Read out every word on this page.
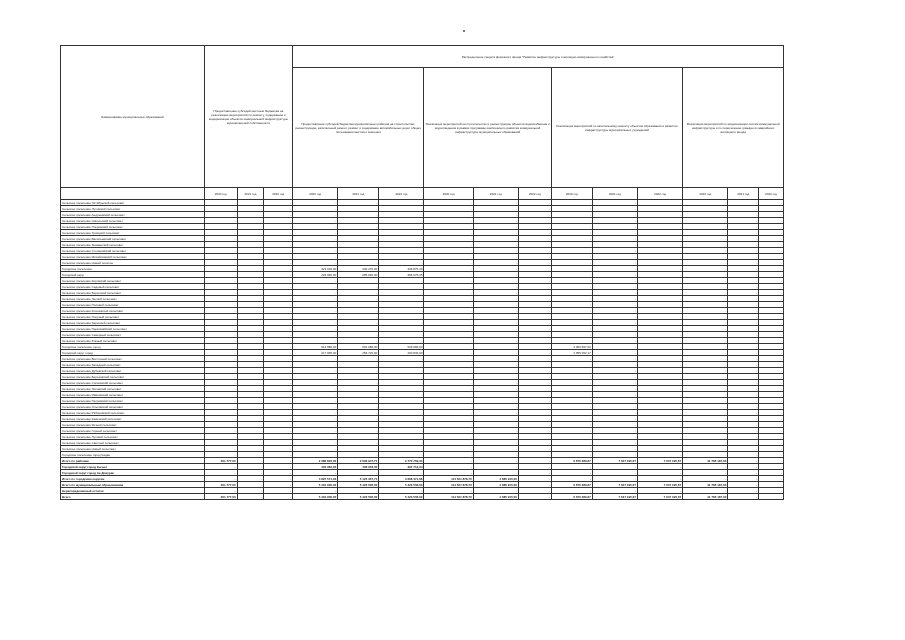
Наименование муниципальных образований	Предоставление субсидий местным бюджетам на реализацию мероприятий по ремонту, содержанию и модернизации объектов коммунальной инфраструктуры муниципальной собственности			Распределение средств Дорожного фонда "Развитие инфраструктуры и жилищно-коммунального хозяйства"											
				Предоставление субсидий бюджетам муниципальных районов на строительство, реконструкцию, капитальный ремонт, ремонт и содержание автомобильных дорог общего пользования местного значения			Реализация мероприятий на строительство и реконструкцию объектов водоснабжения и водоотведения в рамках программы комплексного развития коммунальной инфраструктуры муниципальных образований			Реализация мероприятий по капитальному ремонту объектов образования и развития инфраструктуры муниципальных учреждений			Реализация мероприятий по модернизации систем коммунальной инфраструктуры и по переселению граждан из аварийного жилищного фонда		
	2020 год	2021 год	2022 год	2020 год	2021 год	2022 год	2020 год	2021 год	2022 год	2020 год	2021 год	2022 год	2020 год	2021 год	2022 год
Сельское поселение Октябрьский сельсовет	-	-	-	-	-	-	-	-	-	-	-	-	-	-	-
Сельское поселение Луговской сельсовет	-	-	-	-	-	-	-	-	-	-	-	-	-	-	-
Сельское поселение Андреевский сельсовет	-	-	-	-	-	-	-	-	-	-	-	-	-	-	-
Сельское поселение Никольский сельсовет	-	-	-	-	-	-	-	-	-	-	-	-	-	-	-
Сельское поселение Покровский сельсовет	-	-	-	-	-	-	-	-	-	-	-	-	-	-	-
Сельское поселение Троицкий сельсовет	-	-	-	-	-	-	-	-	-	-	-	-	-	-	-
Сельское поселение Васильевский сельсовет	-	-	-	-	-	-	-	-	-	-	-	-	-	-	-
Сельское поселение Знаменский сельсовет	-	-	-	-	-	-	-	-	-	-	-	-	-	-	-
Сельское поселение Степановский сельсовет	-	-	-	-	-	-	-	-	-	-	-	-	-	-	-
Сельское поселение Михайловский сельсовет	-	-	-	-	-	-	-	-	-	-	-	-	-	-	-
Сельское поселение Новый поселок	-	-	-	-	-	-	-	-	-	-	-	-	-	-	-
Городское поселение	-	-	-	323 032,00	330 270,00	336 875,40	-	-	-	-	-	-	-	-	-
Городской округ	-	-	-	226 965,00	285 930,00	286 975,35	-	-	-	-	-	-	-	-	-
Сельское поселение Кировский сельсовет	-	-	-	-	-	-	-	-	-	-	-	-	-	-	-
Сельское поселение Садовый сельсовет	-	-	-	-	-	-	-	-	-	-	-	-	-	-	-
Сельское поселение Береговой сельсовет	-	-	-	-	-	-	-	-	-	-	-	-	-	-	-
Сельское поселение Лесной сельсовет	-	-	-	-	-	-	-	-	-	-	-	-	-	-	-
Сельское поселение Полевой сельсовет	-	-	-	-	-	-	-	-	-	-	-	-	-	-	-
Сельское поселение Ключевской сельсовет	-	-	-	-	-	-	-	-	-	-	-	-	-	-	-
Сельское поселение Озерный сельсовет	-	-	-	-	-	-	-	-	-	-	-	-	-	-	-
Сельское поселение Заречный сельсовет	-	-	-	-	-	-	-	-	-	-	-	-	-	-	-
Сельское поселение Первомайский сельсовет	-	-	-	-	-	-	-	-	-	-	-	-	-	-	-
Сельское поселение Северный сельсовет	-	-	-	-	-	-	-	-	-	-	-	-	-	-	-
Сельское поселение Южный сельсовет	-	-	-	-	-	-	-	-	-	-	-	-	-	-	-
Городское поселение город	-	-	-	614 880,00	502 080,00	509 680,00	-	-	-	3 000 567,00	-	-	-	-	-
Городской округ город	-	-	-	217 965,00	256 730,00	260 830,00	-	-	-	2 955 062,17	-	-	-	-	-
Сельское поселение Восточный сельсовет	-	-	-	-	-	-	-	-	-	-	-	-	-	-	-
Сельское поселение Западный сельсовет	-	-	-	-	-	-	-	-	-	-	-	-	-	-	-
Сельское поселение Дубовский сельсовет	-	-	-	-	-	-	-	-	-	-	-	-	-	-	-
Сельское поселение Березовский сельсовет	-	-	-	-	-	-	-	-	-	-	-	-	-	-	-
Сельское поселение Сосновский сельсовет	-	-	-	-	-	-	-	-	-	-	-	-	-	-	-
Сельское поселение Липовский сельсовет	-	-	-	-	-	-	-	-	-	-	-	-	-	-	-
Сельское поселение Ивановский сельсовет	-	-	-	-	-	-	-	-	-	-	-	-	-	-	-
Сельское поселение Петровский сельсовет	-	-	-	-	-	-	-	-	-	-	-	-	-	-	-
Сельское поселение Ольховский сельсовет	-	-	-	-	-	-	-	-	-	-	-	-	-	-	-
Сельское поселение Рябиновский сельсовет	-	-	-	-	-	-	-	-	-	-	-	-	-	-	-
Сельское поселение Каменский сельсовет	-	-	-	-	-	-	-	-	-	-	-	-	-	-	-
Сельское поселение Речной сельсовет	-	-	-	-	-	-	-	-	-	-	-	-	-	-	-
Сельское поселение Горный сельсовет	-	-	-	-	-	-	-	-	-	-	-	-	-	-	-
Сельское поселение Луговой сельсовет	-	-	-	-	-	-	-	-	-	-	-	-	-	-	-
Сельское поселение Светлый сельсовет	-	-	-	-	-	-	-	-	-	-	-	-	-	-	-
Сельское поселение Новый сельсовет	-	-	-	-	-	-	-	-	-	-	-	-	-	-	-
Городское поселение город Чадан	-	-	-	-	-	-	-	-	-	-	-	-	-	-	-
Итого по районам	261 777,00	-	-	2 386 823,00	2 636 947,71	2 770 759,34	-	-	-	6 670 389,67	7 647 195,67	7 647 195,67	41 785 187,00	-	-
Городской округ город Кызыл	-	-	-	432 962,00	408 978,00	397 712,34	-	-	-	-	-	-	-	-	-
Городской округ город Ак-Довурак	-	-	-	-	-	-	-	-	-	-	-	-	-	-	-
Итого по городским округам	-	-	-	4 897 571,00	5 125 337,71	3 668 471,68	114 521 878,70	4 685 915,00	-	-	-	-	-	-	-
Всего по муниципальным образованиям	261 777,00	-	-	5 404 900,00	5 423 506,00	5 423 506,00	114 521 878,70	4 685 915,00	-	6 670 389,67	7 647 195,67	7 647 195,67	41 785 187,00	-	-
Нераспределенный остаток	-	-	-	-	-	-	-	-	-	-	-	-	-	-	-
Всего	261 777,00	-	-	5 404 900,00	5 423 506,00	5 423 506,00	114 521 878,70	4 685 915,00	-	6 670 389,67	7 647 195,67	7 647 195,67	41 785 187,00	-	-
